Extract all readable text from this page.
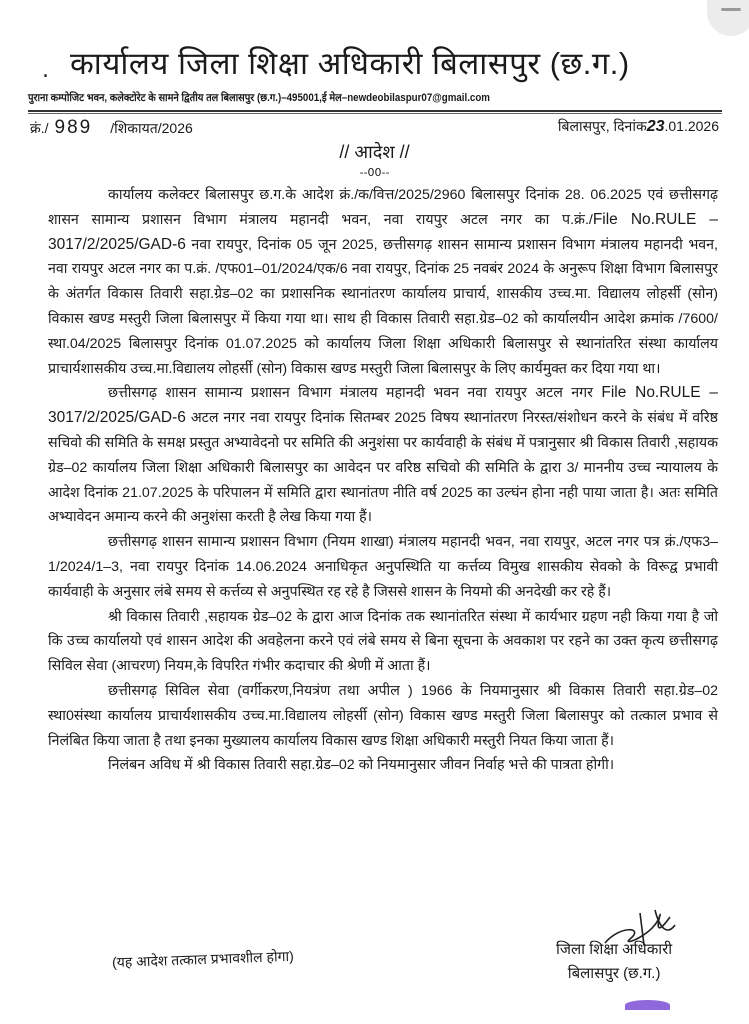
. कार्यालय जिला शिक्षा अधिकारी बिलासपुर (छ.ग.)
पुराना कम्पोजिट भवन, कलेक्टोरेट के सामने द्वितीय तल बिलासपुर (छ.ग.)–495001,ई मेल–newdeobilaspur07@gmail.com
क्रं./ 989 /शिकायत/2026	बिलासपुर, दिनांक23.01.2026
// आदेश //
--00--

कार्यालय कलेक्टर बिलासपुर छ.ग.के आदेश क्रं./क/वित्त/2025/2960 बिलासपुर दिनांक 28. 06.2025 एवं छत्तीसगढ़ शासन सामान्य प्रशासन विभाग मंत्रालय महानदी भवन, नवा रायपुर अटल नगर का प.क्रं./File No.RULE – 3017/2/2025/GAD-6 नवा रायपुर, दिनांक 05 जून 2025, छत्तीसगढ़ शासन सामान्य प्रशासन विभाग मंत्रालय महानदी भवन, नवा रायपुर अटल नगर का प.क्रं. /एफ01–01/2024/एक/6 नवा रायपुर, दिनांक 25 नवबंर 2024 के अनुरूप शिक्षा विभाग बिलासपुर के अंतर्गत विकास तिवारी सहा.ग्रेड–02 का प्रशासनिक स्थानांतरण कार्यालय प्राचार्य, शासकीय उच्च.मा. विद्यालय लोहर्सी (सोन) विकास खण्ड मस्तुरी जिला बिलासपुर में किया गया था। साथ ही विकास तिवारी सहा.ग्रेड–02 को कार्यालयीन आदेश क्रमांक /7600/स्था.04/2025 बिलासपुर दिनांक 01.07.2025 को कार्यालय जिला शिक्षा अधिकारी बिलासपुर से स्थानांतरित संस्था कार्यालय प्राचार्यशासकीय उच्च.मा.विद्यालय लोहर्सी (सोन) विकास खण्ड मस्तुरी जिला बिलासपुर के लिए कार्यमुक्त कर दिया गया था।

छत्तीसगढ़ शासन सामान्य प्रशासन विभाग मंत्रालय महानदी भवन नवा रायपुर अटल नगर File No.RULE – 3017/2/2025/GAD-6 अटल नगर नवा रायपुर दिनांक सितम्बर 2025 विषय स्थानांतरण निरस्त/संशोधन करने के संबंध में वरिष्ठ सचिवो की समिति के समक्ष प्रस्तुत अभ्यावेदनो पर समिति की अनुशंसा पर कार्यवाही के संबंध में पत्रानुसार श्री विकास तिवारी ,सहायक ग्रेड–02 कार्यालय जिला शिक्षा अधिकारी बिलासपुर का आवेदन पर वरिष्ठ सचिवो की समिति के द्वारा 3/ माननीय उच्च न्यायालय के आदेश दिनांक 21.07.2025 के परिपालन में समिति द्वारा स्थानांतण नीति वर्ष 2025 का उल्घंन होना नही पाया जाता है। अतः समिति अभ्यावेदन अमान्य करने की अनुशंसा करती है लेख किया गया हैं।

छत्तीसगढ़ शासन सामान्य प्रशासन विभाग (नियम शाखा) मंत्रालय महानदी भवन, नवा रायपुर, अटल नगर पत्र क्रं./एफ3–1/2024/1–3, नवा रायपुर दिनांक 14.06.2024 अनाधिकृत अनुपस्थिति या कर्त्तव्य विमुख शासकीय सेवको के विरूद्व प्रभावी कार्यवाही के अनुसार लंबे समय से कर्त्तव्य से अनुपस्थित रह रहे है जिससे शासन के नियमो की अनदेखी कर रहे हैं।

श्री विकास तिवारी ,सहायक ग्रेड–02 के द्वारा आज दिनांक तक स्थानांतरित संस्था में कार्यभार ग्रहण नही किया गया है जो कि उच्च कार्यालयो एवं शासन आदेश की अवहेलना करने एवं लंबे समय से बिना सूचना के अवकाश पर रहने का उक्त कृत्य छत्तीसगढ़ सिविल सेवा (आचरण) नियम,के विपरित गंभीर कदाचार की श्रेणी में आता हैं।

छत्तीसगढ़ सिविल सेवा (वर्गीकरण,नियत्रंण तथा अपील ) 1966 के नियमानुसार श्री विकास तिवारी सहा.ग्रेड–02 स्था0संस्था कार्यालय प्राचार्यशासकीय उच्च.मा.विद्यालय लोहर्सी (सोन) विकास खण्ड मस्तुरी जिला बिलासपुर को तत्काल प्रभाव से निलंबित किया जाता है तथा इनका मुख्यालय कार्यालय विकास खण्ड शिक्षा अधिकारी मस्तुरी नियत किया जाता हैं।

निलंबन अविध में श्री विकास तिवारी सहा.ग्रेड–02 को नियमानुसार जीवन निर्वाह भत्ते की पात्रता होगी।

(यह आदेश तत्काल प्रभावशील होगा)	जिला शिक्षा अधिकारी
बिलासपुर (छ.ग.)
